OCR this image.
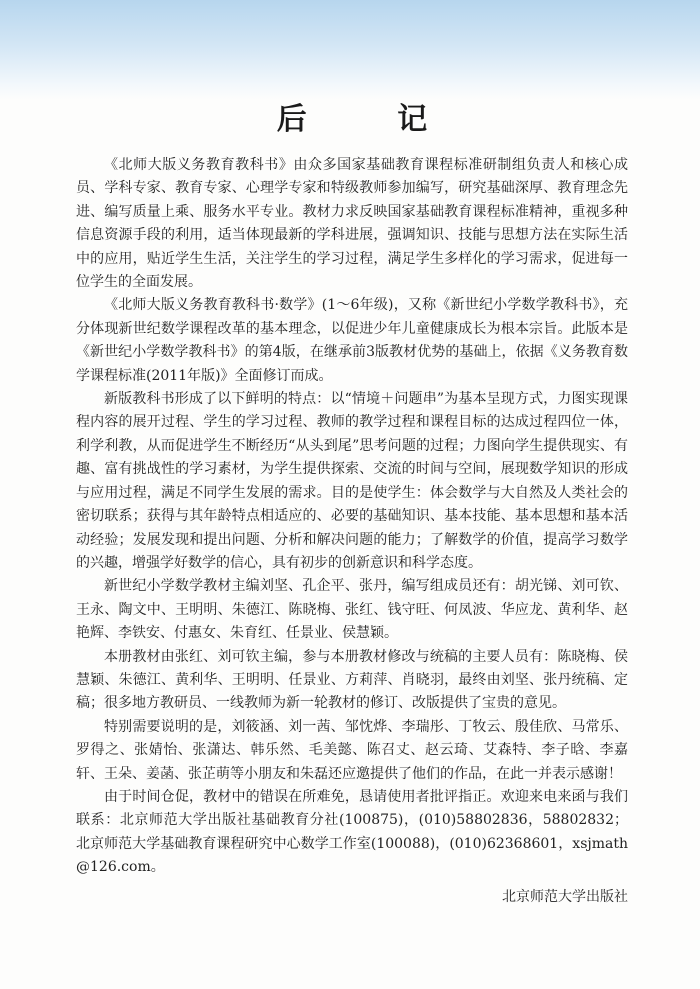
后 记

《北师大版义务教育教科书》由众多国家基础教育课程标准研制组负责人和核心成员、学科专家、教育专家、心理学专家和特级教师参加编写，研究基础深厚、教育理念先进、编写质量上乘、服务水平专业。教材力求反映国家基础教育课程标准精神，重视多种信息资源手段的利用，适当体现最新的学科进展，强调知识、技能与思想方法在实际生活中的应用，贴近学生生活，关注学生的学习过程，满足学生多样化的学习需求，促进每一位学生的全面发展。

《北师大版义务教育教科书·数学》(1～6年级)，又称《新世纪小学数学教科书》，充分体现新世纪数学课程改革的基本理念，以促进少年儿童健康成长为根本宗旨。此版本是《新世纪小学数学教科书》的第4版，在继承前3版教材优势的基础上，依据《义务教育数学课程标准(2011年版)》全面修订而成。

新版教科书形成了以下鲜明的特点：以“情境＋问题串”为基本呈现方式，力图实现课程内容的展开过程、学生的学习过程、教师的教学过程和课程目标的达成过程四位一体，利学利教，从而促进学生不断经历“从头到尾”思考问题的过程；力图向学生提供现实、有趣、富有挑战性的学习素材，为学生提供探索、交流的时间与空间，展现数学知识的形成与应用过程，满足不同学生发展的需求。目的是使学生：体会数学与大自然及人类社会的密切联系；获得与其年龄特点相适应的、必要的基础知识、基本技能、基本思想和基本活动经验；发展发现和提出问题、分析和解决问题的能力；了解数学的价值，提高学习数学的兴趣，增强学好数学的信心，具有初步的创新意识和科学态度。

新世纪小学数学教材主编刘坚、孔企平、张丹，编写组成员还有：胡光锑、刘可钦、王永、陶文中、王明明、朱德江、陈晓梅、张红、钱守旺、何凤波、华应龙、黄利华、赵艳辉、李铁安、付惠女、朱育红、任景业、侯慧颖。

本册教材由张红、刘可钦主编，参与本册教材修改与统稿的主要人员有：陈晓梅、侯慧颖、朱德江、黄利华、王明明、任景业、方莉萍、肖晓羽，最终由刘坚、张丹统稿、定稿；很多地方教研员、一线教师为新一轮教材的修订、改版提供了宝贵的意见。

特别需要说明的是，刘筱涵、刘一茜、邹忱烨、李瑞彤、丁牧云、殷佳欣、马常乐、罗得之、张婧怡、张潇达、韩乐然、毛美懿、陈召丈、赵云琦、艾森特、李子晗、李嘉轩、王朵、姜菡、张芷萌等小朋友和朱磊还应邀提供了他们的作品，在此一并表示感谢！

由于时间仓促，教材中的错误在所难免，恳请使用者批评指正。欢迎来电来函与我们联系：北京师范大学出版社基础教育分社(100875)，(010)58802836，58802832；北京师范大学基础教育课程研究中心数学工作室(100088)，(010)62368601，xsjmath@126.com。

北京师范大学出版社
